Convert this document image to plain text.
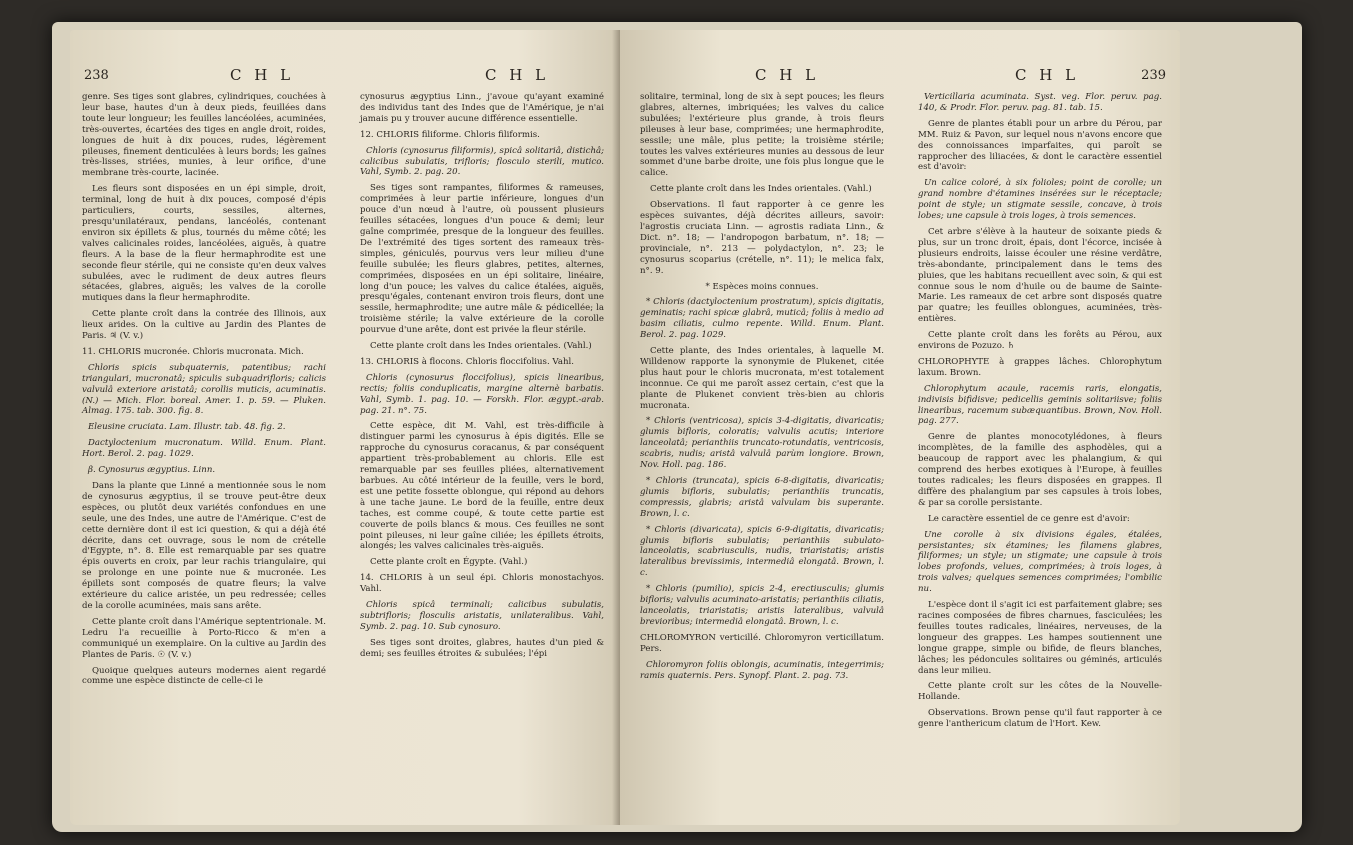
238	C H L	C H L

genre. Ses tiges sont glabres, cylindriques, couchées à leur base, hautes d'un à deux pieds, feuillées dans toute leur longueur; les feuilles lancéolées, acuminées, très-ouvertes, écartées des tiges en angle droit, roides, longues de huit à dix pouces, rudes, légèrement pileuses, finement denticulées à leurs bords; les gaînes très-lisses, striées, munies, à leur orifice, d'une membrane très-courte, lacinée.

Les fleurs sont disposées en un épi simple, droit, terminal, long de huit à dix pouces, composé d'épis particuliers, courts, sessiles, alternes, presqu'unilatéraux, pendans, lancéolés, contenant environ six épillets & plus, tournés du même côté; les valves calicinales roides, lancéolées, aiguës, à quatre fleurs. A la base de la fleur hermaphrodite est une seconde fleur stérile, qui ne consiste qu'en deux valves subulées, avec le rudiment de deux autres fleurs sétacées, glabres, aiguës; les valves de la corolle mutiques dans la fleur hermaphrodite.

Cette plante croît dans la contrée des Illinois, aux lieux arides. On la cultive au Jardin des Plantes de Paris. ♃ (V. v.)

11. CHLORIS mucronée. Chloris mucronata. Mich.

Chloris spicis subquaternis, patentibus; rachi triangulari, mucronatâ; spiculis subquadrifloris; calicis valvulâ exteriore aristatâ; corollis muticis, acuminatis. (N.) — Mich. Flor. boreal. Amer. 1. p. 59. — Pluken. Almag. 175. tab. 300. fig. 8.

Eleusine cruciata. Lam. Illustr. tab. 48. fig. 2.

Dactyloctenium mucronatum. Willd. Enum. Plant. Hort. Berol. 2. pag. 1029.

β. Cynosurus ægyptius. Linn.

Dans la plante que Linné a mentionnée sous le nom de cynosurus ægyptius, il se trouve peut-être deux espèces, ou plutôt deux variétés confondues en une seule, une des Indes, une autre de l'Amérique. C'est de cette dernière dont il est ici question, & qui a déjà été décrite, dans cet ouvrage, sous le nom de crételle d'Egypte, n°. 8. Elle est remarquable par ses quatre épis ouverts en croix, par leur rachis triangulaire, qui se prolonge en une pointe nue & mucronée. Les épillets sont composés de quatre fleurs; la valve extérieure du calice aristée, un peu redressée; celles de la corolle acuminées, mais sans arête.

Cette plante croît dans l'Amérique septentrionale. M. Ledru l'a recueillie à Porto-Ricco & m'en a communiqué un exemplaire. On la cultive au Jardin des Plantes de Paris. ☉ (V. v.)

Quoique quelques auteurs modernes aient regardé comme une espèce distincte de celle-ci le

cynosurus ægyptius Linn., j'avoue qu'ayant examiné des individus tant des Indes que de l'Amérique, je n'ai jamais pu y trouver aucune différence essentielle.

12. CHLORIS filiforme. Chloris filiformis.

Chloris (cynosurus filiformis), spicâ solitariâ, distichâ; calicibus subulatis, trifloris; flosculo sterili, mutico. Vahl, Symb. 2. pag. 20.

Ses tiges sont rampantes, filiformes & rameuses, comprimées à leur partie inférieure, longues d'un pouce d'un nœud à l'autre, où poussent plusieurs feuilles sétacées, longues d'un pouce & demi; leur gaîne comprimée, presque de la longueur des feuilles. De l'extrémité des tiges sortent des rameaux très-simples, géniculés, pourvus vers leur milieu d'une feuille subulée; les fleurs glabres, petites, alternes, comprimées, disposées en un épi solitaire, linéaire, long d'un pouce; les valves du calice étalées, aiguës, presqu'égales, contenant environ trois fleurs, dont une sessile, hermaphrodite; une autre mâle & pédicellée; la troisième stérile; la valve extérieure de la corolle pourvue d'une arête, dont est privée la fleur stérile.

Cette plante croît dans les Indes orientales. (Vahl.)

13. CHLORIS à flocons. Chloris floccifolius. Vahl.

Chloris (cynosurus floccifolius), spicis linearibus, rectis; foliis conduplicatis, margine alternè barbatis. Vahl, Symb. 1. pag. 10. — Forskh. Flor. ægypt.-arab. pag. 21. n°. 75.

Cette espèce, dit M. Vahl, est très-difficile à distinguer parmi les cynosurus à épis digités. Elle se rapproche du cynosurus coracanus, & par conséquent appartient très-probablement au chloris. Elle est remarquable par ses feuilles pliées, alternativement barbues. Au côté intérieur de la feuille, vers le bord, est une petite fossette oblongue, qui répond au dehors à une tache jaune. Le bord de la feuille, entre deux taches, est comme coupé, & toute cette partie est couverte de poils blancs & mous. Ces feuilles ne sont point pileuses, ni leur gaîne ciliée; les épillets étroits, alongés; les valves calicinales très-aiguës.

Cette plante croît en Égypte. (Vahl.)

14. CHLORIS à un seul épi. Chloris monostachyos. Vahl.

Chloris spicâ terminali; calicibus subulatis, subtrifloris; flosculis aristatis, unilateralibus. Vahl, Symb. 2. pag. 10. Sub cynosuro.

Ses tiges sont droites, glabres, hautes d'un pied & demi; ses feuilles étroites & subulées; l'épi

C H L	C H L	239

solitaire, terminal, long de six à sept pouces; les fleurs glabres, alternes, imbriquées; les valves du calice subulées; l'extérieure plus grande, à trois fleurs pileuses à leur base, comprimées; une hermaphrodite, sessile; une mâle, plus petite; la troisième stérile; toutes les valves extérieures munies au dessous de leur sommet d'une barbe droite, une fois plus longue que le calice.

Cette plante croît dans les Indes orientales. (Vahl.)

Observations. Il faut rapporter à ce genre les espèces suivantes, déjà décrites ailleurs, savoir: l'agrostis cruciata Linn. — agrostis radiata Linn., & Dict. n°. 18; — l'andropogon barbatum, n°. 18; — provinciale, n°. 213 — polydactylon, n°. 23; le cynosurus scoparius (crételle, n°. 11); le melica falx, n°. 9.

* Espèces moins connues.

* Chloris (dactyloctenium prostratum), spicis digitatis, geminatis; rachi spicæ glabrâ, muticâ; foliis à medio ad basim ciliatis, culmo repente. Willd. Enum. Plant. Berol. 2. pag. 1029.

Cette plante, des Indes orientales, à laquelle M. Willdenow rapporte la synonymie de Plukenet, citée plus haut pour le chloris mucronata, m'est totalement inconnue. Ce qui me paroît assez certain, c'est que la plante de Plukenet convient très-bien au chloris mucronata.

* Chloris (ventricosa), spicis 3-4-digitatis, divaricatis; glumis bifloris, coloratis; valvulis acutis; interiore lanceolatâ; perianthiis truncato-rotundatis, ventricosis, scabris, nudis; aristâ valvulâ parùm longiore. Brown, Nov. Holl. pag. 186.

* Chloris (truncata), spicis 6-8-digitatis, divaricatis; glumis bifloris, subulatis; perianthiis truncatis, compressis, glabris; aristâ valvulam bis superante. Brown, l. c.

* Chloris (divaricata), spicis 6-9-digitatis, divaricatis; glumis bifloris subulatis; perianthiis subulato-lanceolatis, scabriusculis, nudis, triaristatis; aristis lateralibus brevissimis, intermediâ elongatâ. Brown, l. c.

* Chloris (pumilio), spicis 2-4, erectiusculis; glumis bifloris; valvulis acuminato-aristatis; perianthiis ciliatis, lanceolatis, triaristatis; aristis lateralibus, valvulâ brevioribus; intermediâ elongatâ. Brown, l. c.

CHLOROMYRON verticillé. Chloromyron verticillatum. Pers.

Chloromyron foliis oblongis, acuminatis, integerrimis; ramis quaternis. Pers. Synopf. Plant. 2. pag. 73.

Verticillaria acuminata. Syst. veg. Flor. peruv. pag. 140, & Prodr. Flor. peruv. pag. 81. tab. 15.

Genre de plantes établi pour un arbre du Pérou, par MM. Ruiz & Pavon, sur lequel nous n'avons encore que des connoissances imparfaites, qui paroît se rapprocher des liliacées, & dont le caractère essentiel est d'avoir:

Un calice coloré, à six folioles; point de corolle; un grand nombre d'étamines insérées sur le réceptacle; point de style; un stigmate sessile, concave, à trois lobes; une capsule à trois loges, à trois semences.

Cet arbre s'élève à la hauteur de soixante pieds & plus, sur un tronc droit, épais, dont l'écorce, incisée à plusieurs endroits, laisse écouler une résine verdâtre, très-abondante, principalement dans le tems des pluies, que les habitans recueillent avec soin, & qui est connue sous le nom d'huile ou de baume de Sainte-Marie. Les rameaux de cet arbre sont disposés quatre par quatre; les feuilles oblongues, acuminées, très-entières.

Cette plante croît dans les forêts au Pérou, aux environs de Pozuzo. ♄

CHLOROPHYTE à grappes lâches. Chlorophytum laxum. Brown.

Chlorophytum acaule, racemis raris, elongatis, indivisis bifidisve; pedicellis geminis solitariisve; foliis linearibus, racemum subæquantibus. Brown, Nov. Holl. pag. 277.

Genre de plantes monocotylédones, à fleurs incomplètes, de la famille des asphodèles, qui a beaucoup de rapport avec les phalangium, & qui comprend des herbes exotiques à l'Europe, à feuilles toutes radicales; les fleurs disposées en grappes. Il diffère des phalangium par ses capsules à trois lobes, & par sa corolle persistante.

Le caractère essentiel de ce genre est d'avoir:

Une corolle à six divisions égales, étalées, persistantes; six étamines; les filamens glabres, filiformes; un style; un stigmate; une capsule à trois lobes profonds, velues, comprimées; à trois loges, à trois valves; quelques semences comprimées; l'ombilic nu.

L'espèce dont il s'agit ici est parfaitement glabre; ses racines composées de fibres charnues, fasciculées; les feuilles toutes radicales, linéaires, nerveuses, de la longueur des grappes. Les hampes soutiennent une longue grappe, simple ou bifide, de fleurs blanches, lâches; les pédoncules solitaires ou géminés, articulés dans leur milieu.

Cette plante croît sur les côtes de la Nouvelle-Hollande.

Observations. Brown pense qu'il faut rapporter à ce genre l'anthericum clatum de l'Hort. Kew.
